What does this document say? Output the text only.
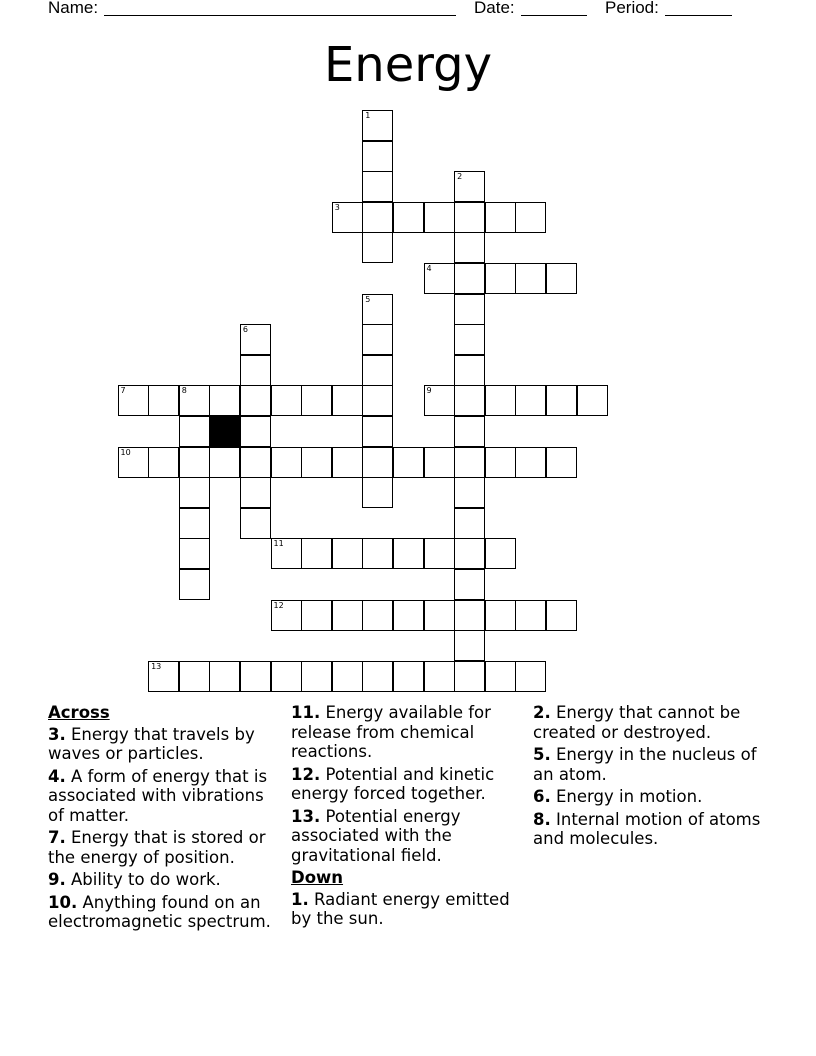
Name:	Date:	Period:
Energy
1
2
3
4
5
6
7	8	9
10
11
12
13
Across
3. Energy that travels by waves or particles.
4. A form of energy that is associated with vibrations of matter.
7. Energy that is stored or the energy of position.
9. Ability to do work.
10. Anything found on an electromagnetic spectrum.
11. Energy available for release from chemical reactions.
12. Potential and kinetic energy forced together.
13. Potential energy associated with the gravitational field.
Down
1. Radiant energy emitted by the sun.
2. Energy that cannot be created or destroyed.
5. Energy in the nucleus of an atom.
6. Energy in motion.
8. Internal motion of atoms and molecules.
